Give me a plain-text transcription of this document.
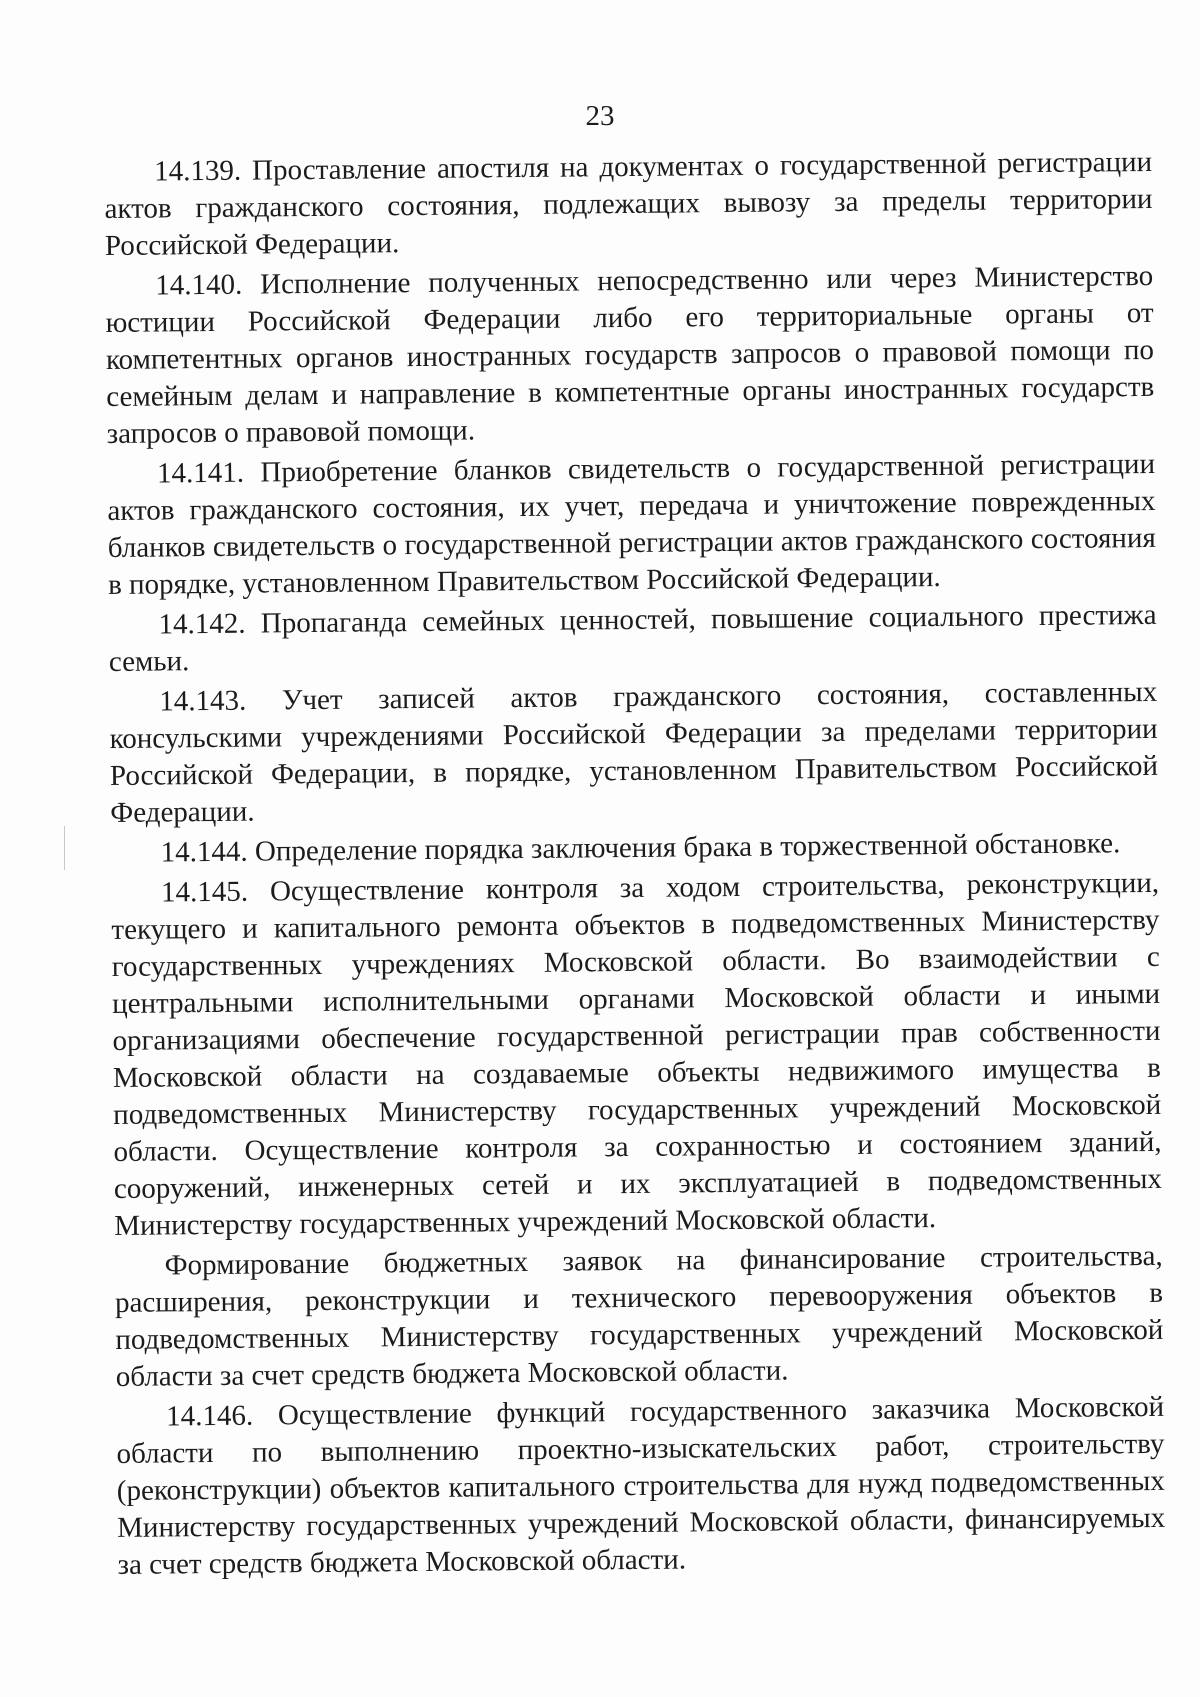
23

14.139. Проставление апостиля на документах о государственной регистрации актов гражданского состояния, подлежащих вывозу за пределы территории Российской Федерации.

14.140. Исполнение полученных непосредственно или через Министерство юстиции Российской Федерации либо его территориальные органы от компетентных органов иностранных государств запросов о правовой помощи по семейным делам и направление в компетентные органы иностранных государств запросов о правовой помощи.

14.141. Приобретение бланков свидетельств о государственной регистрации актов гражданского состояния, их учет, передача и уничтожение поврежденных бланков свидетельств о государственной регистрации актов гражданского состояния в порядке, установленном Правительством Российской Федерации.

14.142. Пропаганда семейных ценностей, повышение социального престижа семьи.

14.143. Учет записей актов гражданского состояния, составленных консульскими учреждениями Российской Федерации за пределами территории Российской Федерации, в порядке, установленном Правительством Российской Федерации.

14.144. Определение порядка заключения брака в торжественной обстановке.

14.145. Осуществление контроля за ходом строительства, реконструкции, текущего и капитального ремонта объектов в подведомственных Министерству государственных учреждениях Московской области. Во взаимодействии с центральными исполнительными органами Московской области и иными организациями обеспечение государственной регистрации прав собственности Московской области на создаваемые объекты недвижимого имущества в подведомственных Министерству государственных учреждений Московской области. Осуществление контроля за сохранностью и состоянием зданий, сооружений, инженерных сетей и их эксплуатацией в подведомственных Министерству государственных учреждений Московской области.

Формирование бюджетных заявок на финансирование строительства, расширения, реконструкции и технического перевооружения объектов в подведомственных Министерству государственных учреждений Московской области за счет средств бюджета Московской области.

14.146. Осуществление функций государственного заказчика Московской области по выполнению проектно-изыскательских работ, строительству (реконструкции) объектов капитального строительства для нужд подведомственных Министерству государственных учреждений Московской области, финансируемых за счет средств бюджета Московской области.
